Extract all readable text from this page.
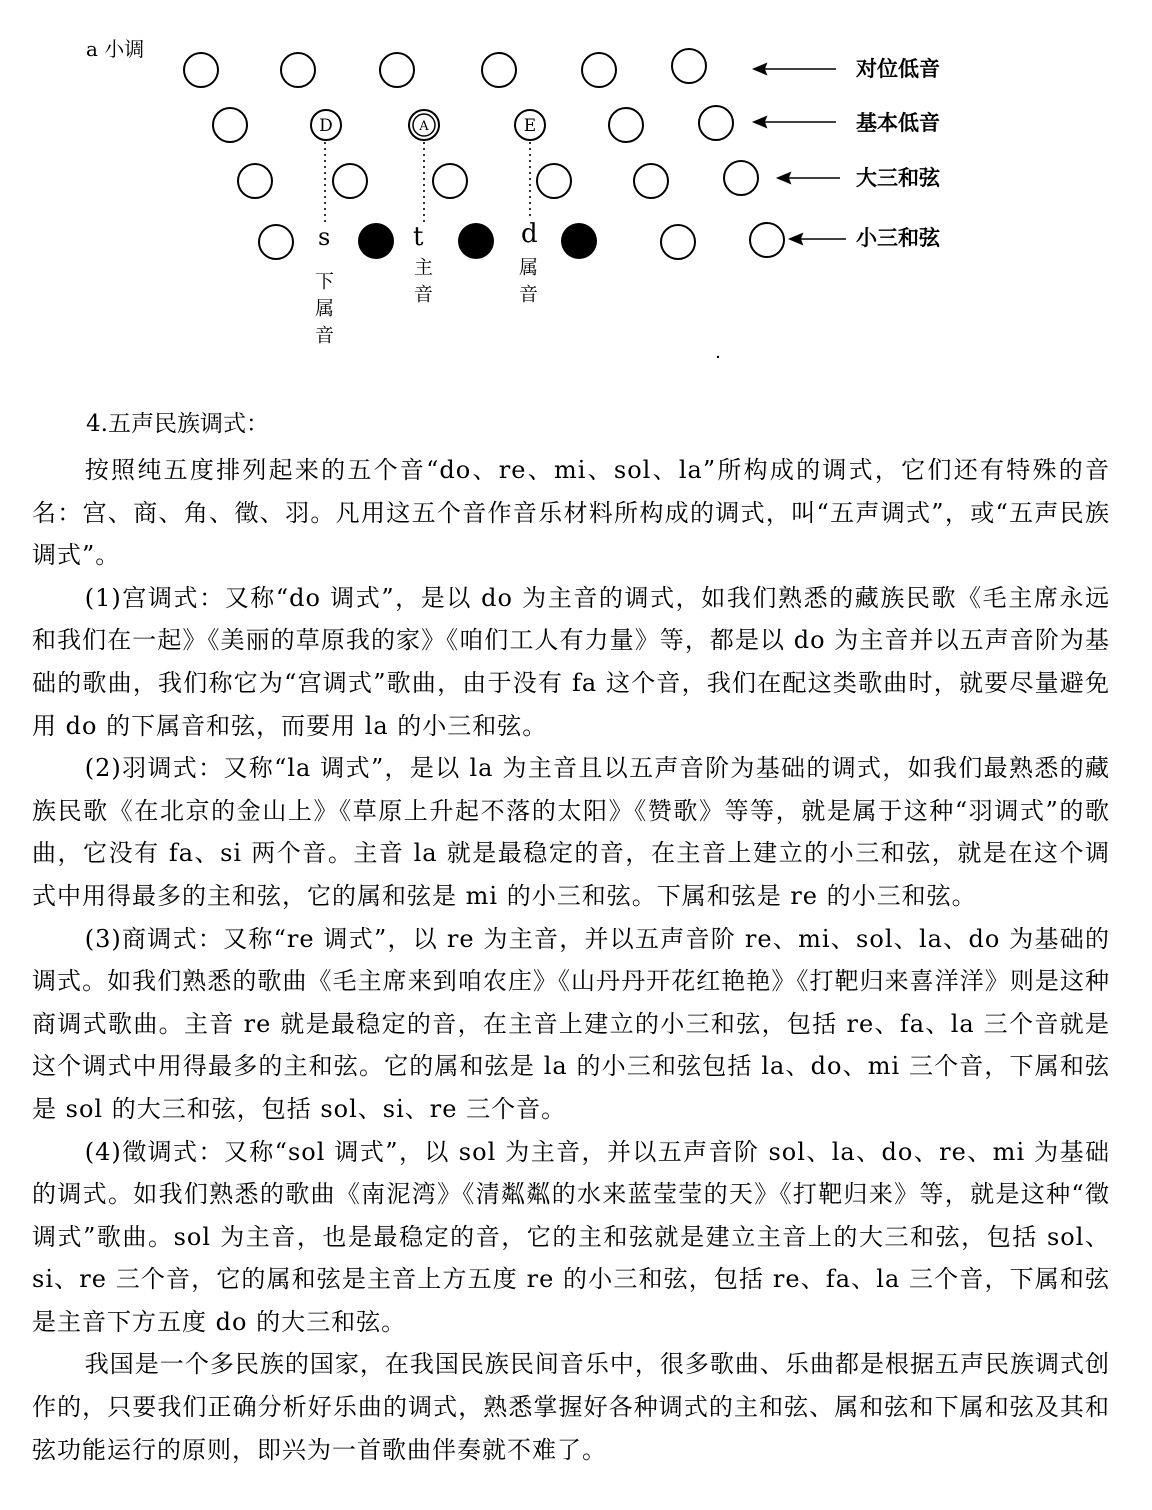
a 小调
D	A	E
s	t	d
下属音	主音	属音
对位低音
基本低音
大三和弦
小三和弦
4.五声民族调式：

按照纯五度排列起来的五个音“do、re、mi、sol、la”所构成的调式，它们还有特殊的音名：宫、商、角、徵、羽。凡用这五个音作音乐材料所构成的调式，叫“五声调式”，或“五声民族调式”。

(1)宫调式：又称“do 调式”，是以 do 为主音的调式，如我们熟悉的藏族民歌《毛主席永远和我们在一起》《美丽的草原我的家》《咱们工人有力量》等，都是以 do 为主音并以五声音阶为基础的歌曲，我们称它为“宫调式”歌曲，由于没有 fa 这个音，我们在配这类歌曲时，就要尽量避免用 do 的下属音和弦，而要用 la 的小三和弦。

(2)羽调式：又称“la 调式”，是以 la 为主音且以五声音阶为基础的调式，如我们最熟悉的藏族民歌《在北京的金山上》《草原上升起不落的太阳》《赞歌》等等，就是属于这种“羽调式”的歌曲，它没有 fa、si 两个音。主音 la 就是最稳定的音，在主音上建立的小三和弦，就是在这个调式中用得最多的主和弦，它的属和弦是 mi 的小三和弦。下属和弦是 re 的小三和弦。

(3)商调式：又称“re 调式”，以 re 为主音，并以五声音阶 re、mi、sol、la、do 为基础的调式。如我们熟悉的歌曲《毛主席来到咱农庄》《山丹丹开花红艳艳》《打靶归来喜洋洋》则是这种商调式歌曲。主音 re 就是最稳定的音，在主音上建立的小三和弦，包括 re、fa、la 三个音就是这个调式中用得最多的主和弦。它的属和弦是 la 的小三和弦包括 la、do、mi 三个音，下属和弦是 sol 的大三和弦，包括 sol、si、re 三个音。

(4)徵调式：又称“sol 调式”，以 sol 为主音，并以五声音阶 sol、la、do、re、mi 为基础的调式。如我们熟悉的歌曲《南泥湾》《清粼粼的水来蓝莹莹的天》《打靶归来》等，就是这种“徵调式”歌曲。sol 为主音，也是最稳定的音，它的主和弦就是建立主音上的大三和弦，包括 sol、si、re 三个音，它的属和弦是主音上方五度 re 的小三和弦，包括 re、fa、la 三个音，下属和弦是主音下方五度 do 的大三和弦。

我国是一个多民族的国家，在我国民族民间音乐中，很多歌曲、乐曲都是根据五声民族调式创作的，只要我们正确分析好乐曲的调式，熟悉掌握好各种调式的主和弦、属和弦和下属和弦及其和弦功能运行的原则，即兴为一首歌曲伴奏就不难了。
